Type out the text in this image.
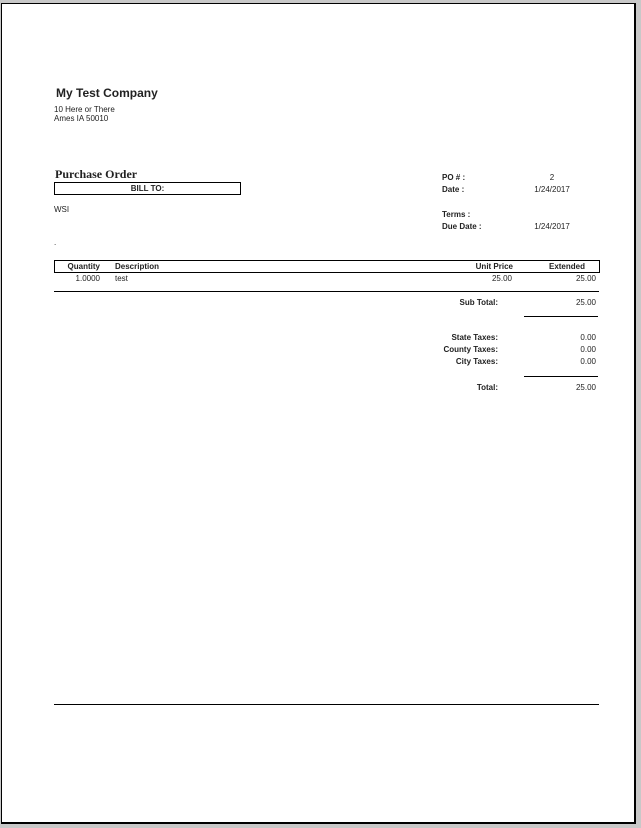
My Test Company
10 Here or There
Ames IA 50010
Purchase Order
BILL TO:
WSI
.
PO # :	2
Date :	1/24/2017
Terms :
Due Date :	1/24/2017
Quantity Description	Unit Price	Extended
1.0000 test	25.00	25.00
Sub Total:	25.00
State Taxes:	0.00
County Taxes:	0.00
City Taxes:	0.00
Total:	25.00
